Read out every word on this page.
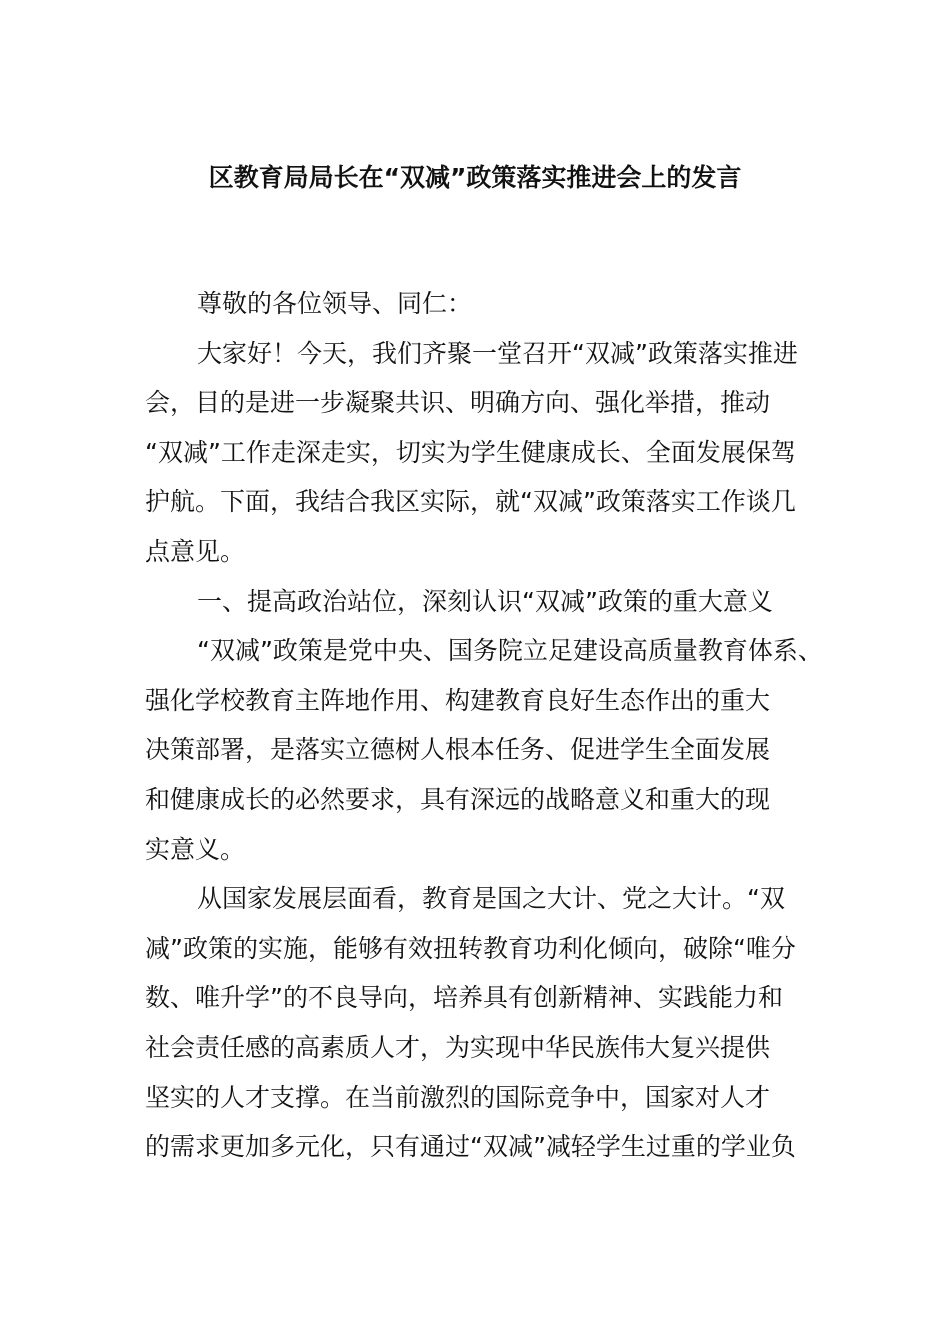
区教育局局长在“双减”政策落实推进会上的发言
尊敬的各位领导、同仁：
大家好！今天，我们齐聚一堂召开“双减”政策落实推进
会，目的是进一步凝聚共识、明确方向、强化举措，推动
“双减”工作走深走实，切实为学生健康成长、全面发展保驾
护航。下面，我结合我区实际，就“双减”政策落实工作谈几
点意见。
一、提高政治站位，深刻认识“双减”政策的重大意义
“双减”政策是党中央、国务院立足建设高质量教育体系、
强化学校教育主阵地作用、构建教育良好生态作出的重大
决策部署，是落实立德树人根本任务、促进学生全面发展
和健康成长的必然要求，具有深远的战略意义和重大的现
实意义。
从国家发展层面看，教育是国之大计、党之大计。“双
减”政策的实施，能够有效扭转教育功利化倾向，破除“唯分
数、唯升学”的不良导向，培养具有创新精神、实践能力和
社会责任感的高素质人才，为实现中华民族伟大复兴提供
坚实的人才支撑。在当前激烈的国际竞争中，国家对人才
的需求更加多元化，只有通过“双减”减轻学生过重的学业负
